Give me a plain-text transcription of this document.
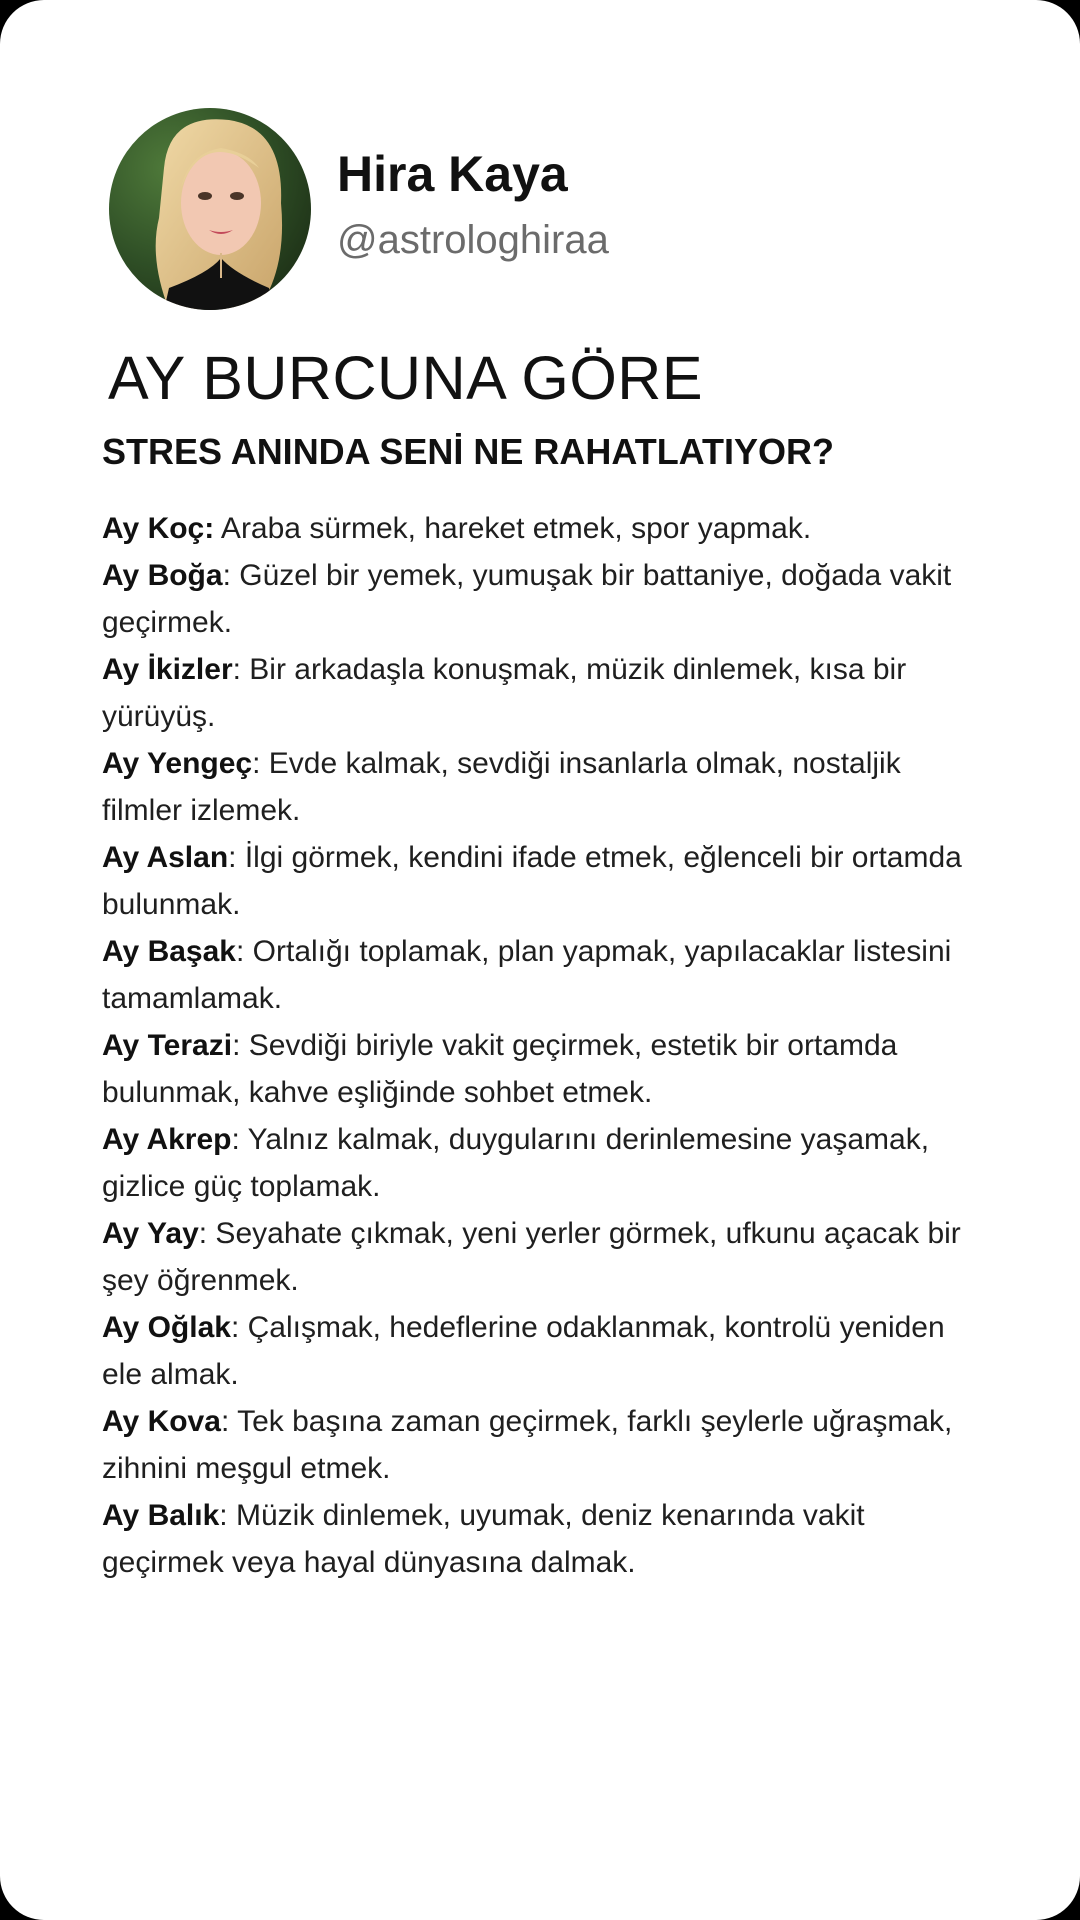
Hira Kaya
@astrologhiraa
AY BURCUNA GÖRE
STRES ANINDA SENİ NE RAHATLATIYOR?
Ay Koç: Araba sürmek, hareket etmek, spor yapmak.
Ay Boğa: Güzel bir yemek, yumuşak bir battaniye, doğada vakit geçirmek.
Ay İkizler: Bir arkadaşla konuşmak, müzik dinlemek, kısa bir yürüyüş.
Ay Yengeç: Evde kalmak, sevdiği insanlarla olmak, nostaljik filmler izlemek.
Ay Aslan: İlgi görmek, kendini ifade etmek, eğlenceli bir ortamda bulunmak.
Ay Başak: Ortalığı toplamak, plan yapmak, yapılacaklar listesini tamamlamak.
Ay Terazi: Sevdiği biriyle vakit geçirmek, estetik bir ortamda bulunmak, kahve eşliğinde sohbet etmek.
Ay Akrep: Yalnız kalmak, duygularını derinlemesine yaşamak, gizlice güç toplamak.
Ay Yay: Seyahate çıkmak, yeni yerler görmek, ufkunu açacak bir şey öğrenmek.
Ay Oğlak: Çalışmak, hedeflerine odaklanmak, kontrolü yeniden ele almak.
Ay Kova: Tek başına zaman geçirmek, farklı şeylerle uğraşmak, zihnini meşgul etmek.
Ay Balık: Müzik dinlemek, uyumak, deniz kenarında vakit geçirmek veya hayal dünyasına dalmak.
